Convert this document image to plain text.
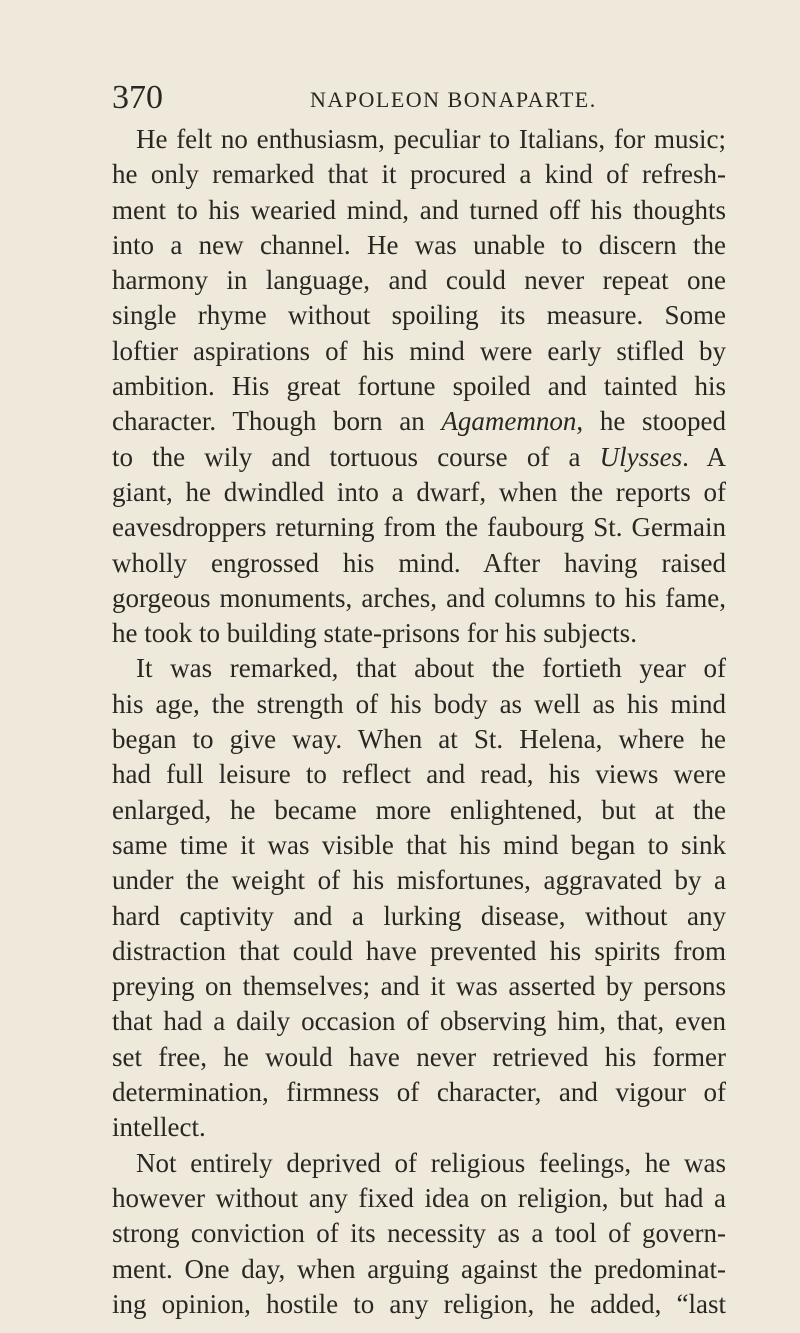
370	NAPOLEON BONAPARTE.
He felt no enthusiasm, peculiar to Italians, for music;
he only remarked that it procured a kind of refresh-
ment to his wearied mind, and turned off his thoughts
into a new channel. He was unable to discern the
harmony in language, and could never repeat one
single rhyme without spoiling its measure. Some
loftier aspirations of his mind were early stifled by
ambition. His great fortune spoiled and tainted his
character. Though born an Agamemnon, he stooped
to the wily and tortuous course of a Ulysses. A
giant, he dwindled into a dwarf, when the reports of
eavesdroppers returning from the faubourg St. Germain
wholly engrossed his mind. After having raised
gorgeous monuments, arches, and columns to his fame,
he took to building state-prisons for his subjects.
It was remarked, that about the fortieth year of
his age, the strength of his body as well as his mind
began to give way. When at St. Helena, where he
had full leisure to reflect and read, his views were
enlarged, he became more enlightened, but at the
same time it was visible that his mind began to sink
under the weight of his misfortunes, aggravated by a
hard captivity and a lurking disease, without any
distraction that could have prevented his spirits from
preying on themselves; and it was asserted by persons
that had a daily occasion of observing him, that, even
set free, he would have never retrieved his former
determination, firmness of character, and vigour of
intellect.
Not entirely deprived of religious feelings, he was
however without any fixed idea on religion, but had a
strong conviction of its necessity as a tool of govern-
ment. One day, when arguing against the predominat-
ing opinion, hostile to any religion, he added, “last
